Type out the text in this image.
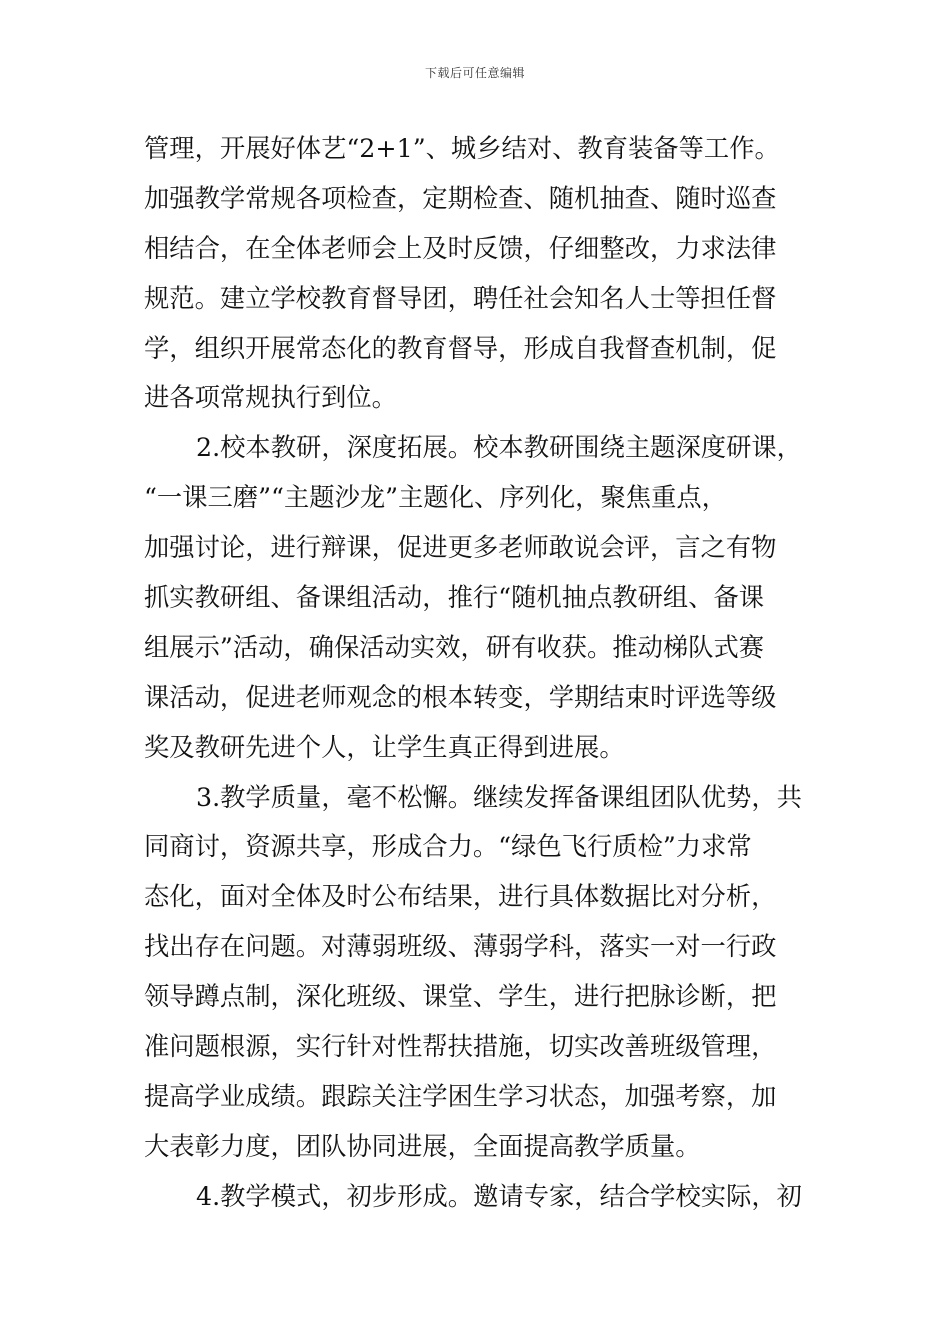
下载后可任意编辑
管理，开展好体艺“2+1”、城乡结对、教育装备等工作。
加强教学常规各项检查，定期检查、随机抽查、随时巡查
相结合，在全体老师会上及时反馈，仔细整改，力求法律
规范。建立学校教育督导团，聘任社会知名人士等担任督
学，组织开展常态化的教育督导，形成自我督查机制，促
进各项常规执行到位。
2.校本教研，深度拓展。校本教研围绕主题深度研课，
“一课三磨”“主题沙龙”主题化、序列化，聚焦重点，
加强讨论，进行辩课，促进更多老师敢说会评，言之有物
抓实教研组、备课组活动，推行“随机抽点教研组、备课
组展示”活动，确保活动实效，研有收获。推动梯队式赛
课活动，促进老师观念的根本转变，学期结束时评选等级
奖及教研先进个人，让学生真正得到进展。
3.教学质量，毫不松懈。继续发挥备课组团队优势，共
同商讨，资源共享，形成合力。“绿色飞行质检”力求常
态化，面对全体及时公布结果，进行具体数据比对分析，
找出存在问题。对薄弱班级、薄弱学科，落实一对一行政
领导蹲点制，深化班级、课堂、学生，进行把脉诊断，把
准问题根源，实行针对性帮扶措施，切实改善班级管理，
提高学业成绩。跟踪关注学困生学习状态，加强考察，加
大表彰力度，团队协同进展，全面提高教学质量。
4.教学模式，初步形成。邀请专家，结合学校实际，初
